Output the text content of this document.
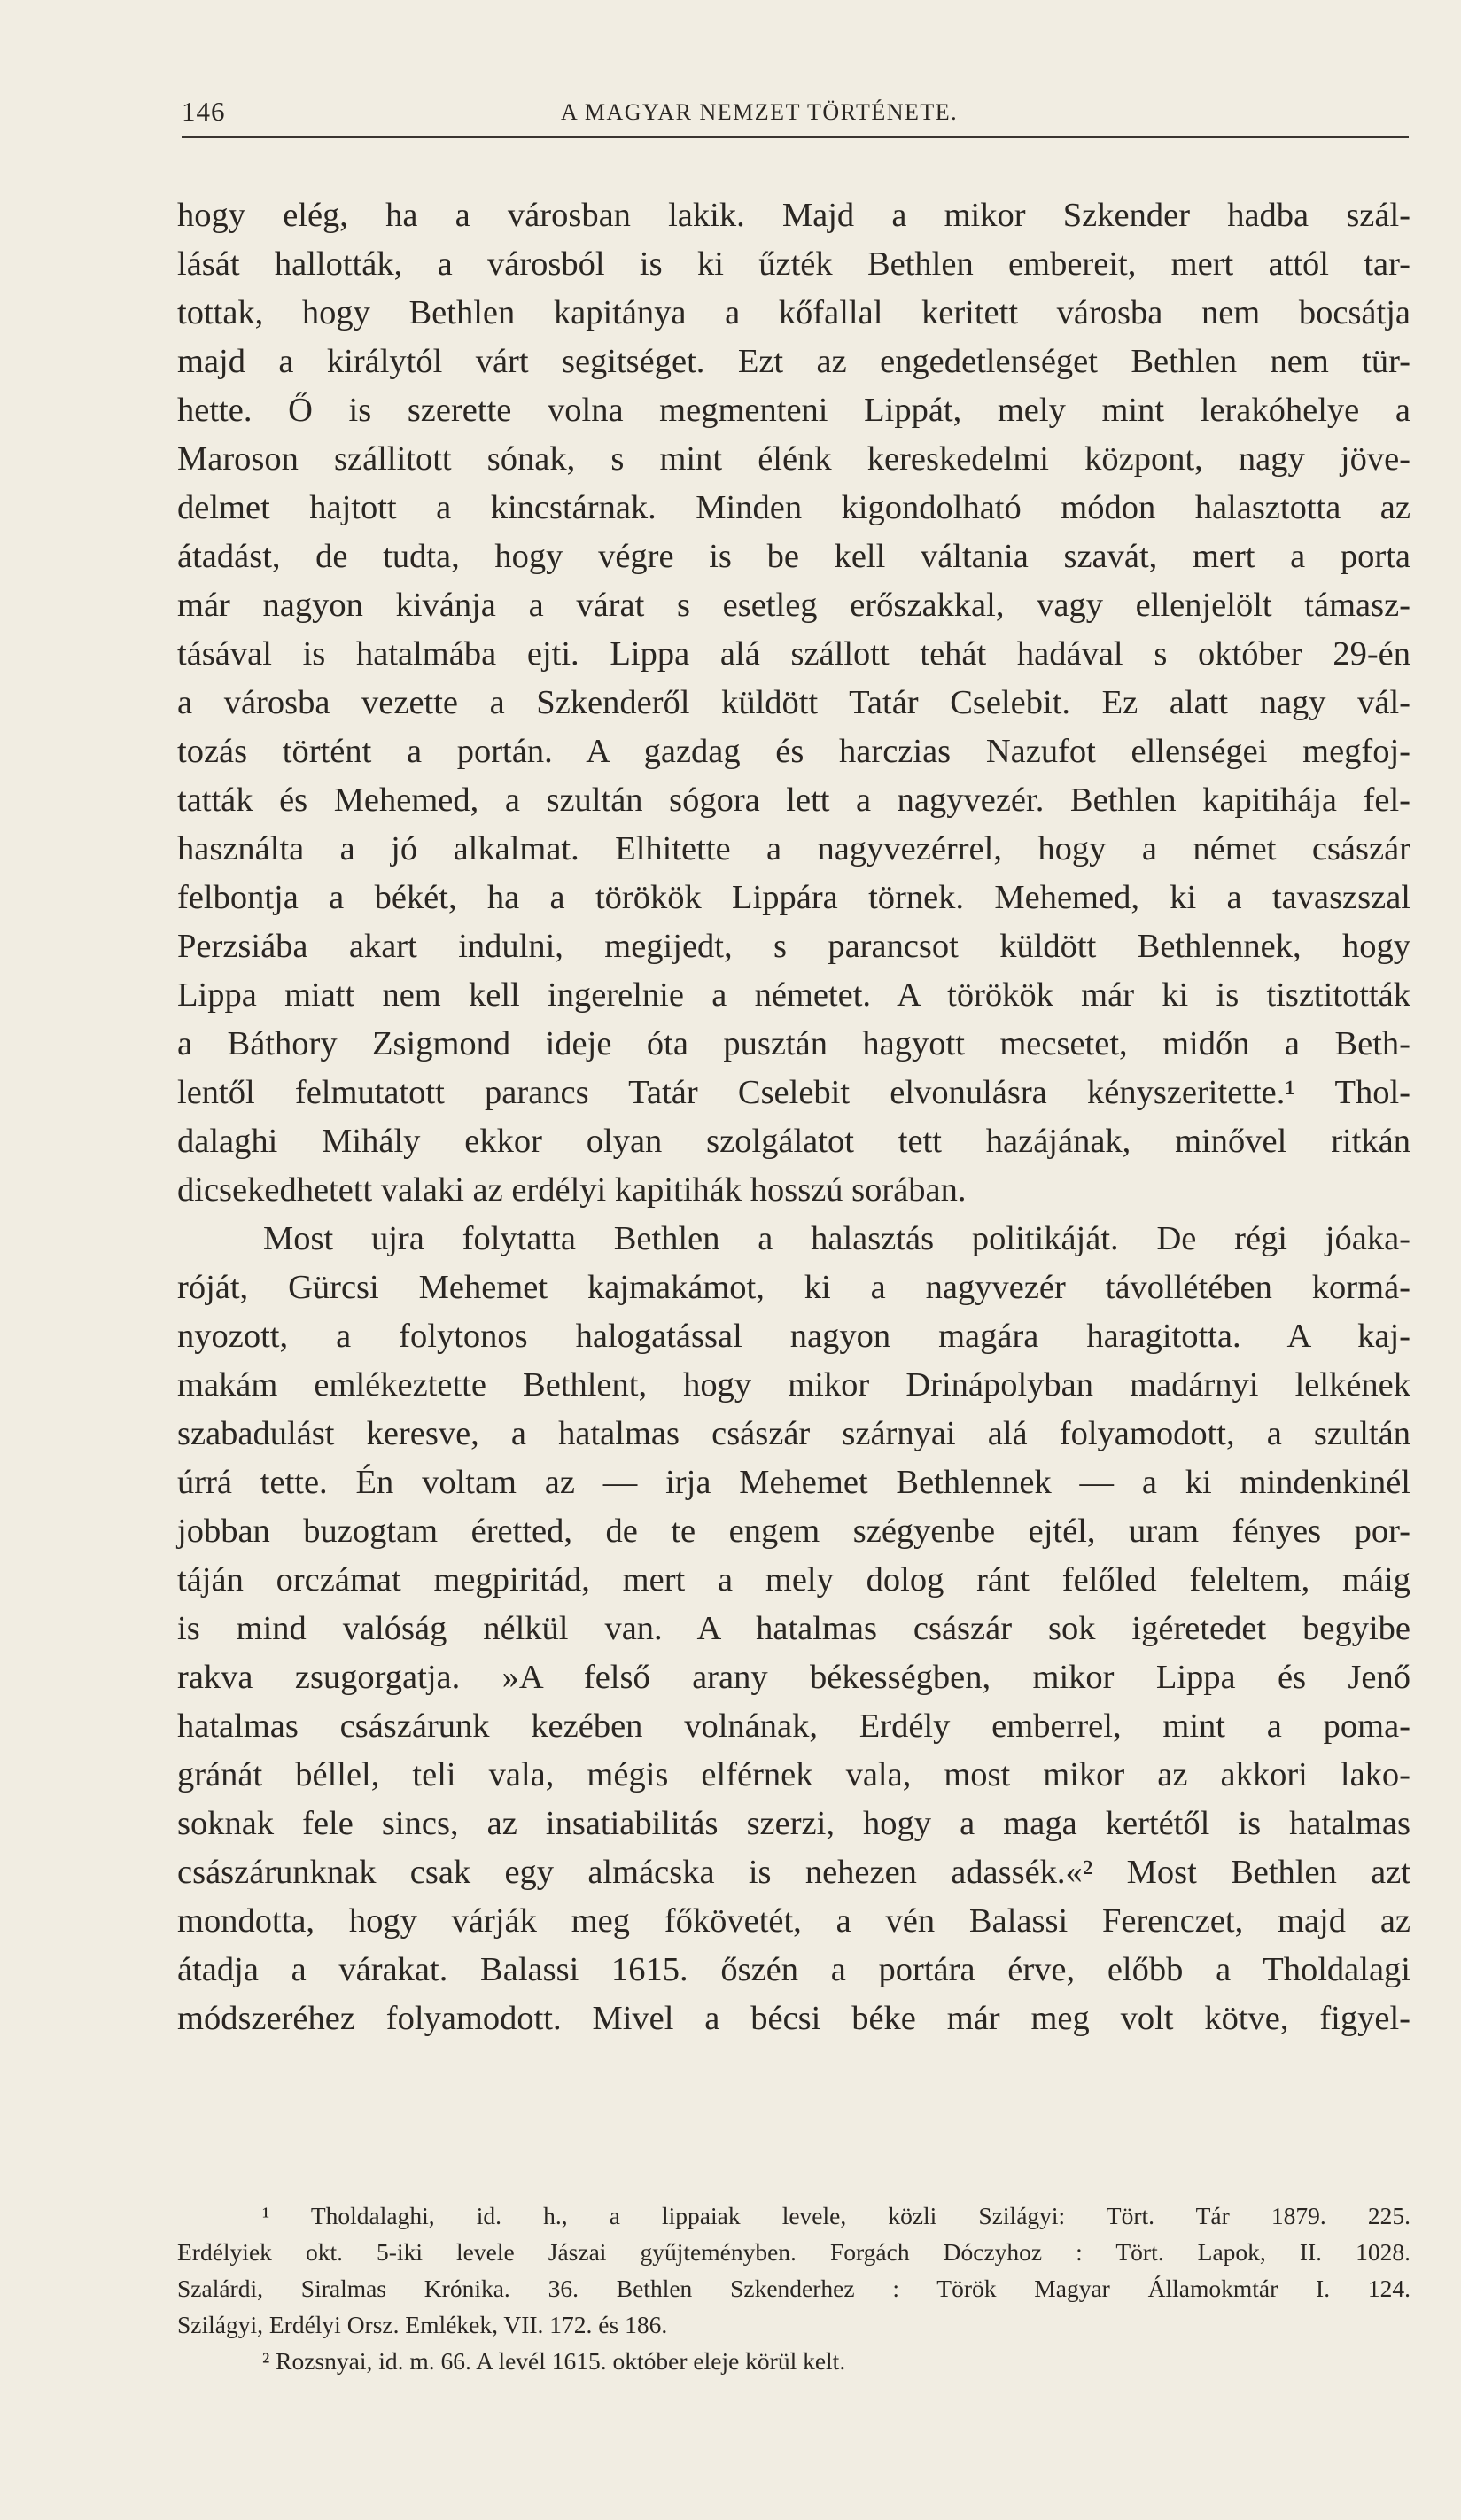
146	A MAGYAR NEMZET TÖRTÉNETE.
hogy elég, ha a városban lakik. Majd a mikor Szkender hadba szál-
lását hallották, a városból is ki űzték Bethlen embereit, mert attól tar-
tottak, hogy Bethlen kapitánya a kőfallal keritett városba nem bocsátja
majd a királytól várt segitséget. Ezt az engedetlenséget Bethlen nem tür-
hette. Ő is szerette volna megmenteni Lippát, mely mint lerakóhelye a
Maroson szállitott sónak, s mint élénk kereskedelmi központ, nagy jöve-
delmet hajtott a kincstárnak. Minden kigondolható módon halasztotta az
átadást, de tudta, hogy végre is be kell váltania szavát, mert a porta
már nagyon kivánja a várat s esetleg erőszakkal, vagy ellenjelölt támasz-
tásával is hatalmába ejti. Lippa alá szállott tehát hadával s október 29-én
a városba vezette a Szkenderől küldött Tatár Cselebit. Ez alatt nagy vál-
tozás történt a portán. A gazdag és harczias Nazufot ellenségei megfoj-
tatták és Mehemed, a szultán sógora lett a nagyvezér. Bethlen kapitihája fel-
használta a jó alkalmat. Elhitette a nagyvezérrel, hogy a német császár
felbontja a békét, ha a törökök Lippára törnek. Mehemed, ki a tavaszszal
Perzsiába akart indulni, megijedt, s parancsot küldött Bethlennek, hogy
Lippa miatt nem kell ingerelnie a németet. A törökök már ki is tisztitották
a Báthory Zsigmond ideje óta pusztán hagyott mecsetet, midőn a Beth-
lentől felmutatott parancs Tatár Cselebit elvonulásra kényszeritette.¹ Thol-
dalaghi Mihály ekkor olyan szolgálatot tett hazájának, minővel ritkán
dicsekedhetett valaki az erdélyi kapitihák hosszú sorában.
Most ujra folytatta Bethlen a halasztás politikáját. De régi jóaka-
róját, Gürcsi Mehemet kajmakámot, ki a nagyvezér távollétében kormá-
nyozott, a folytonos halogatással nagyon magára haragitotta. A kaj-
makám emlékeztette Bethlent, hogy mikor Drinápolyban madárnyi lelkének
szabadulást keresve, a hatalmas császár szárnyai alá folyamodott, a szultán
úrrá tette. Én voltam az — irja Mehemet Bethlennek — a ki mindenkinél
jobban buzogtam éretted, de te engem szégyenbe ejtél, uram fényes por-
táján orczámat megpiritád, mert a mely dolog ránt felőled feleltem, máig
is mind valóság nélkül van. A hatalmas császár sok igéretedet begyibe
rakva zsugorgatja. »A felső arany békességben, mikor Lippa és Jenő
hatalmas császárunk kezében volnának, Erdély emberrel, mint a poma-
gránát béllel, teli vala, mégis elférnek vala, most mikor az akkori lako-
soknak fele sincs, az insatiabilitás szerzi, hogy a maga kertétől is hatalmas
császárunknak csak egy almácska is nehezen adassék.«² Most Bethlen azt
mondotta, hogy várják meg főkövetét, a vén Balassi Ferenczet, majd az
átadja a várakat. Balassi 1615. őszén a portára érve, előbb a Tholdalagi
módszeréhez folyamodott. Mivel a bécsi béke már meg volt kötve, figyel-
¹ Tholdalaghi, id. h., a lippaiak levele, közli Szilágyi: Tört. Tár 1879. 225.
Erdélyiek okt. 5-iki levele Jászai gyűjteményben. Forgách Dóczyhoz : Tört. Lapok, II. 1028.
Szalárdi, Siralmas Krónika. 36. Bethlen Szkenderhez : Török Magyar Államokmtár I. 124.
Szilágyi, Erdélyi Orsz. Emlékek, VII. 172. és 186.
² Rozsnyai, id. m. 66. A levél 1615. október eleje körül kelt.
